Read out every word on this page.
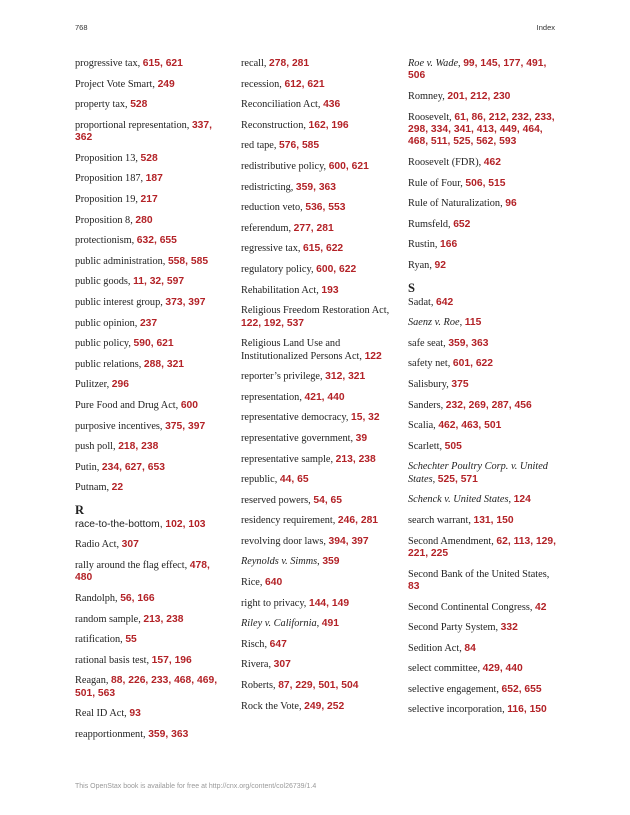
768	Index
progressive tax, 615, 621
Project Vote Smart, 249
property tax, 528
proportional representation, 337, 362
Proposition 13, 528
Proposition 187, 187
Proposition 19, 217
Proposition 8, 280
protectionism, 632, 655
public administration, 558, 585
public goods, 11, 32, 597
public interest group, 373, 397
public opinion, 237
public policy, 590, 621
public relations, 288, 321
Pulitzer, 296
Pure Food and Drug Act, 600
purposive incentives, 375, 397
push poll, 218, 238
Putin, 234, 627, 653
Putnam, 22
R
race-to-the-bottom, 102, 103
Radio Act, 307
rally around the flag effect, 478, 480
Randolph, 56, 166
random sample, 213, 238
ratification, 55
rational basis test, 157, 196
Reagan, 88, 226, 233, 468, 469, 501, 563
Real ID Act, 93
reapportionment, 359, 363
recall, 278, 281
recession, 612, 621
Reconciliation Act, 436
Reconstruction, 162, 196
red tape, 576, 585
redistributive policy, 600, 621
redistricting, 359, 363
reduction veto, 536, 553
referendum, 277, 281
regressive tax, 615, 622
regulatory policy, 600, 622
Rehabilitation Act, 193
Religious Freedom Restoration Act, 122, 192, 537
Religious Land Use and Institutionalized Persons Act, 122
reporter’s privilege, 312, 321
representation, 421, 440
representative democracy, 15, 32
representative government, 39
representative sample, 213, 238
republic, 44, 65
reserved powers, 54, 65
residency requirement, 246, 281
revolving door laws, 394, 397
Reynolds v. Simms, 359
Rice, 640
right to privacy, 144, 149
Riley v. California, 491
Risch, 647
Rivera, 307
Roberts, 87, 229, 501, 504
Rock the Vote, 249, 252
Roe v. Wade, 99, 145, 177, 491, 506
Romney, 201, 212, 230
Roosevelt, 61, 86, 212, 232, 233, 298, 334, 341, 413, 449, 464, 468, 511, 525, 562, 593
Roosevelt (FDR), 462
Rule of Four, 506, 515
Rule of Naturalization, 96
Rumsfeld, 652
Rustin, 166
Ryan, 92
S
Sadat, 642
Saenz v. Roe, 115
safe seat, 359, 363
safety net, 601, 622
Salisbury, 375
Sanders, 232, 269, 287, 456
Scalia, 462, 463, 501
Scarlett, 505
Schechter Poultry Corp. v. United States, 525, 571
Schenck v. United States, 124
search warrant, 131, 150
Second Amendment, 62, 113, 129, 221, 225
Second Bank of the United States, 83
Second Continental Congress, 42
Second Party System, 332
Sedition Act, 84
select committee, 429, 440
selective engagement, 652, 655
selective incorporation, 116, 150
This OpenStax book is available for free at http://cnx.org/content/col26739/1.4
